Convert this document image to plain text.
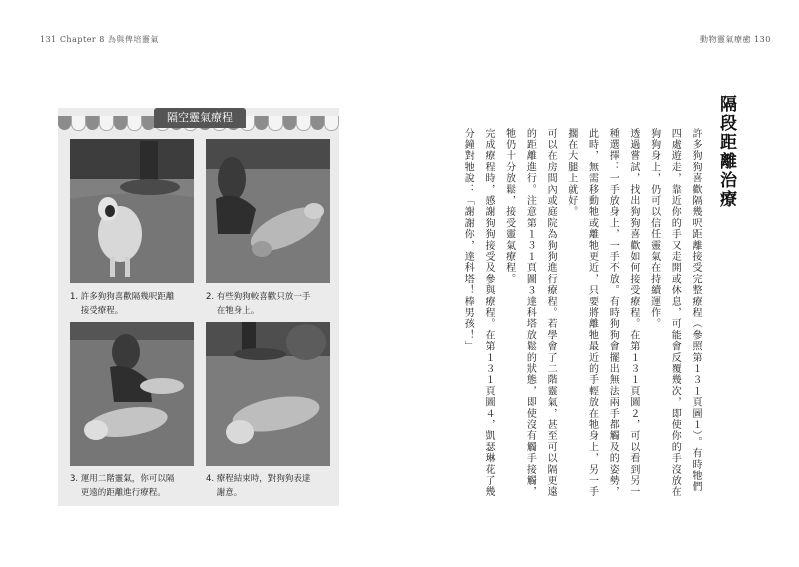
131 Chapter 8 為與俾培靈氣	動物靈氣療癒 130
隔空靈氣療程
1. 許多狗狗喜歡隔幾呎距離
接受療程。
2. 有些狗狗較喜歡只放一手
在牠身上。
3. 運用二階靈氣，你可以隔
更遠的距離進行療程。
4. 療程結束時，對狗狗表達
謝意。
隔段距離治療

許多狗狗喜歡隔幾呎距離接受完整療程（參照第１３１頁圖１）。有時牠們四處遊走，靠近你的手又走開或休息，可能會反覆幾次，即使你的手沒放在狗狗身上，仍可以信任靈氣在持續運作。

透過嘗試，找出狗狗喜歡如何接受療程。在第１３１頁圖２，可以看到另一種選擇：一手放身上，一手不放。有時狗狗會擺出無法兩手都觸及的姿勢，此時，無需移動牠或離牠更近，只要將離牠最近的手輕放在牠身上，另一手擱在大腿上就好。

可以在房間內或庭院為狗狗進行療程。若學會了二階靈氣，甚至可以隔更遠的距離進行。注意第１３１頁圖３達科塔放鬆的狀態，即使沒有觸手接觸，牠仍十分放鬆，接受靈氣療程。

完成療程時，感謝狗狗接受及參與療程。在第１３１頁圖４，凱瑟琳花了幾分鐘對牠說：「謝謝你，達科塔！棒男孩！」
